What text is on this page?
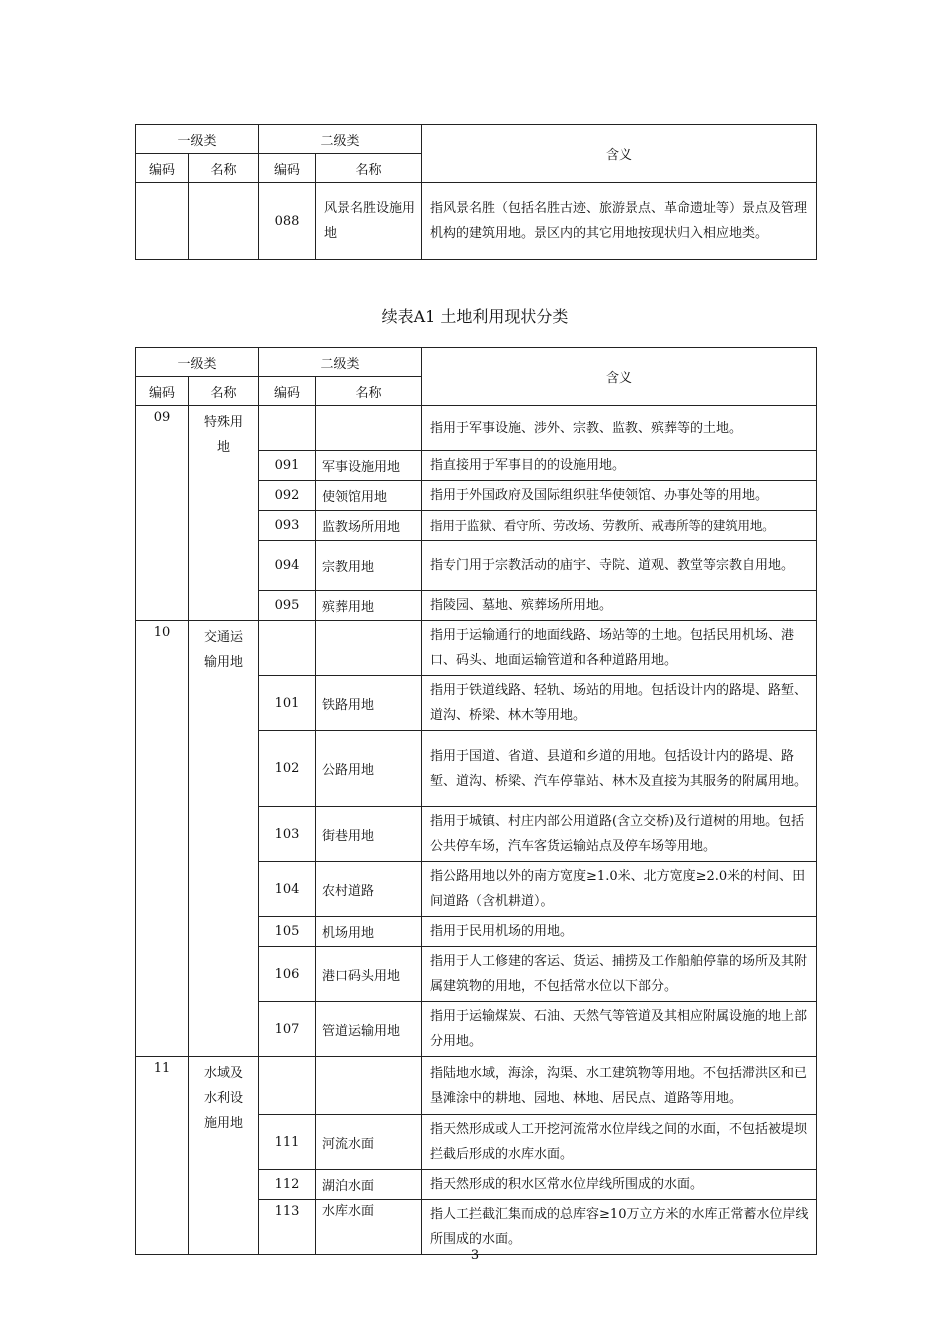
一级类		二级类		含义
编码	名称	编码	名称	
		088	风景名胜设施用地	指风景名胜（包括名胜古迹、旅游景点、革命遗址等）景点及管理机构的建筑用地。景区内的其它用地按现状归入相应地类。
续表A1 土地利用现状分类
一级类		二级类		含义
编码	名称	编码	名称	
09	特殊用地			指用于军事设施、涉外、宗教、监教、殡葬等的土地。
		091	军事设施用地	指直接用于军事目的的设施用地。
		092	使领馆用地	指用于外国政府及国际组织驻华使领馆、办事处等的用地。
		093	监教场所用地	指用于监狱、看守所、劳改场、劳教所、戒毒所等的建筑用地。
		094	宗教用地	指专门用于宗教活动的庙宇、寺院、道观、教堂等宗教自用地。
		095	殡葬用地	指陵园、墓地、殡葬场所用地。
10	交通运输用地			指用于运输通行的地面线路、场站等的土地。包括民用机场、港口、码头、地面运输管道和各种道路用地。
		101	铁路用地	指用于铁道线路、轻轨、场站的用地。包括设计内的路堤、路堑、道沟、桥梁、林木等用地。
		102	公路用地	指用于国道、省道、县道和乡道的用地。包括设计内的路堤、路堑、道沟、桥梁、汽车停靠站、林木及直接为其服务的附属用地。
		103	街巷用地	指用于城镇、村庄内部公用道路(含立交桥)及行道树的用地。包括公共停车场，汽车客货运输站点及停车场等用地。
		104	农村道路	指公路用地以外的南方宽度≥1.0米、北方宽度≥2.0米的村间、田间道路（含机耕道）。
		105	机场用地	指用于民用机场的用地。
		106	港口码头用地	指用于人工修建的客运、货运、捕捞及工作船舶停靠的场所及其附属建筑物的用地，不包括常水位以下部分。
		107	管道运输用地	指用于运输煤炭、石油、天然气等管道及其相应附属设施的地上部分用地。
11	水域及水利设施用地			指陆地水域，海涂，沟渠、水工建筑物等用地。不包括滞洪区和已垦滩涂中的耕地、园地、林地、居民点、道路等用地。
		111	河流水面	指天然形成或人工开挖河流常水位岸线之间的水面，不包括被堤坝拦截后形成的水库水面。
		112	湖泊水面	指天然形成的积水区常水位岸线所围成的水面。
		113	水库水面	指人工拦截汇集而成的总库容≥10万立方米的水库正常蓄水位岸线所围成的水面。
3
